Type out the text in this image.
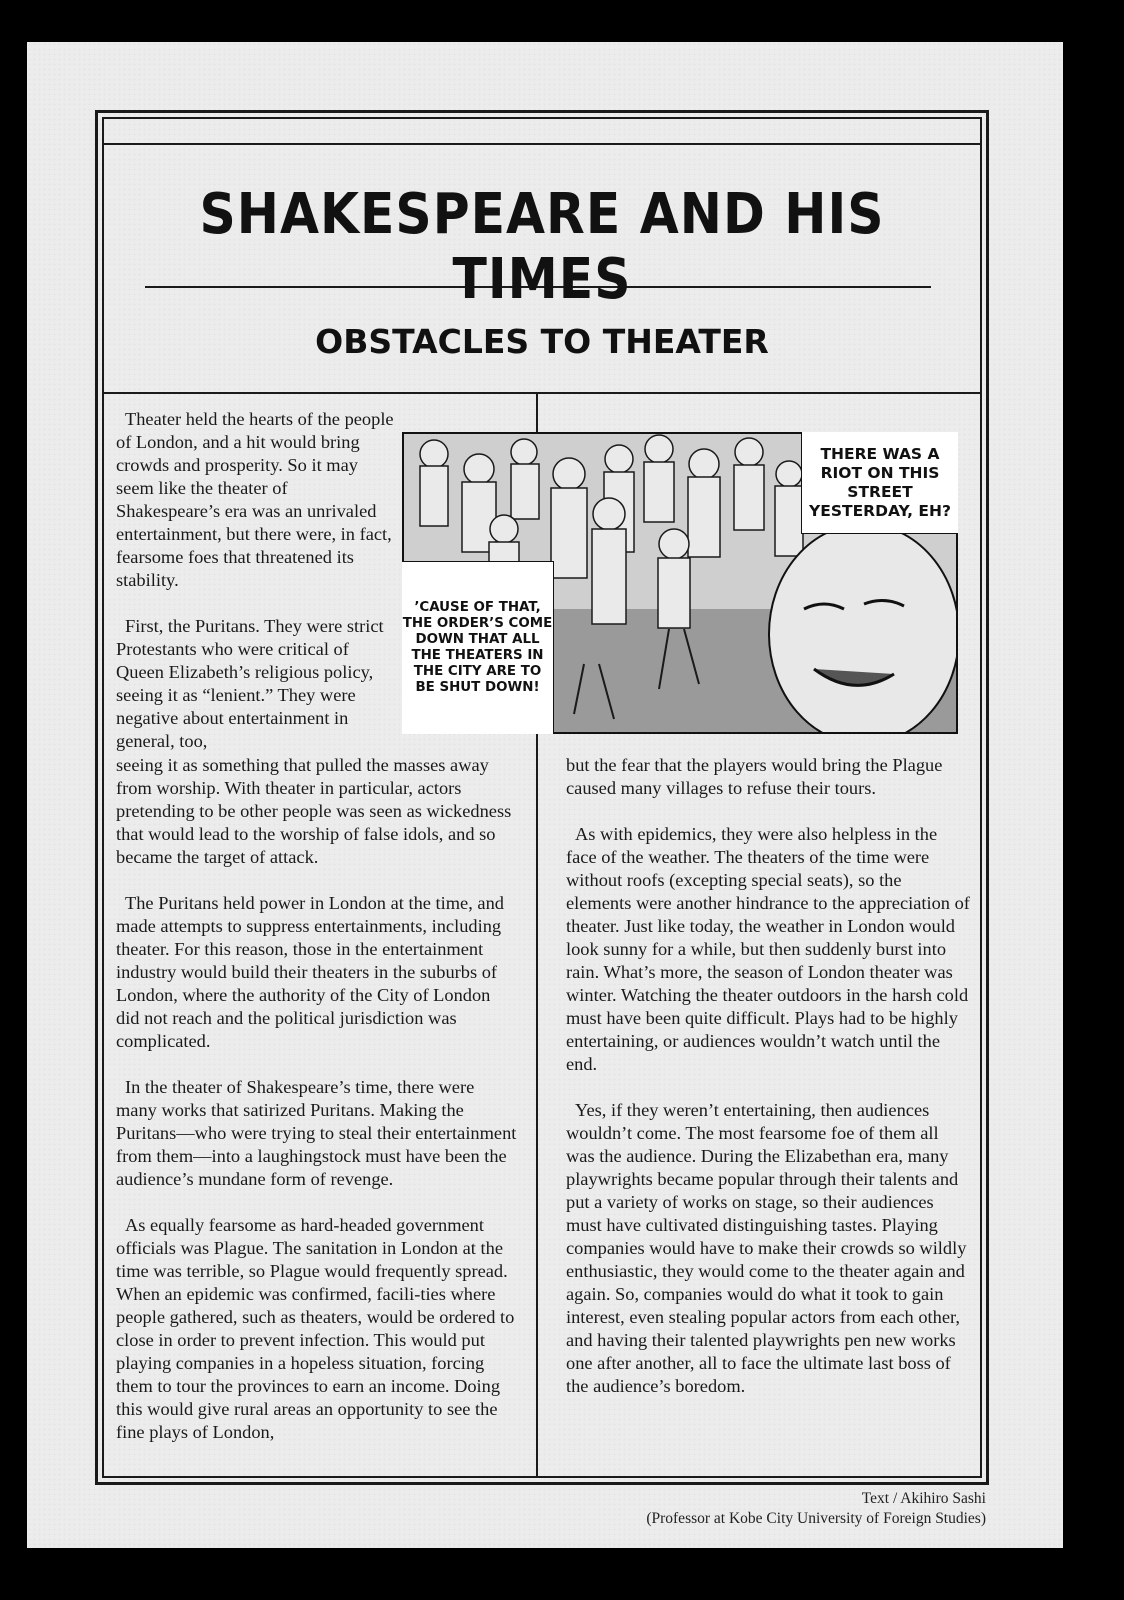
SHAKESPEARE AND HIS TIMES
OBSTACLES TO THEATER

Theater held the hearts of the people of London, and a hit would bring crowds and prosperity. So it may seem like the theater of Shakespeare’s era was an unrivaled entertainment, but there were, in fact, fearsome foes that threatened its stability.

First, the Puritans. They were strict Protestants who were critical of Queen Elizabeth’s religious policy, seeing it as “lenient.” They were negative about entertainment in general, too,

THERE WAS A RIOT ON THIS STREET YESTERDAY, EH?
’CAUSE OF THAT, THE ORDER’S COME DOWN THAT ALL THE THEATERS IN THE CITY ARE TO BE SHUT DOWN!

seeing it as something that pulled the masses away from worship. With theater in particular, actors pretending to be other people was seen as wickedness that would lead to the worship of false idols, and so became the target of attack.

The Puritans held power in London at the time, and made attempts to suppress entertainments, including theater. For this reason, those in the entertainment industry would build their theaters in the suburbs of London, where the authority of the City of London did not reach and the political jurisdiction was complicated.

In the theater of Shakespeare’s time, there were many works that satirized Puritans. Making the Puritans—who were trying to steal their entertainment from them—into a laughingstock must have been the audience’s mundane form of revenge.

As equally fearsome as hard-headed government officials was Plague. The sanitation in London at the time was terrible, so Plague would frequently spread. When an epidemic was confirmed, facili-ties where people gathered, such as theaters, would be ordered to close in order to prevent infection. This would put playing companies in a hopeless situation, forcing them to tour the provinces to earn an income. Doing this would give rural areas an opportunity to see the fine plays of London,

but the fear that the players would bring the Plague caused many villages to refuse their tours.

As with epidemics, they were also helpless in the face of the weather. The theaters of the time were without roofs (excepting special seats), so the elements were another hindrance to the appreciation of theater. Just like today, the weather in London would look sunny for a while, but then suddenly burst into rain. What’s more, the season of London theater was winter. Watching the theater outdoors in the harsh cold must have been quite difficult. Plays had to be highly entertaining, or audiences wouldn’t watch until the end.

Yes, if they weren’t entertaining, then audiences wouldn’t come. The most fearsome foe of them all was the audience. During the Elizabethan era, many playwrights became popular through their talents and put a variety of works on stage, so their audiences must have cultivated distinguishing tastes. Playing companies would have to make their crowds so wildly enthusiastic, they would come to the theater again and again. So, companies would do what it took to gain interest, even stealing popular actors from each other, and having their talented playwrights pen new works one after another, all to face the ultimate last boss of the audience’s boredom.

Text / Akihiro Sashi
(Professor at Kobe City University of Foreign Studies)
